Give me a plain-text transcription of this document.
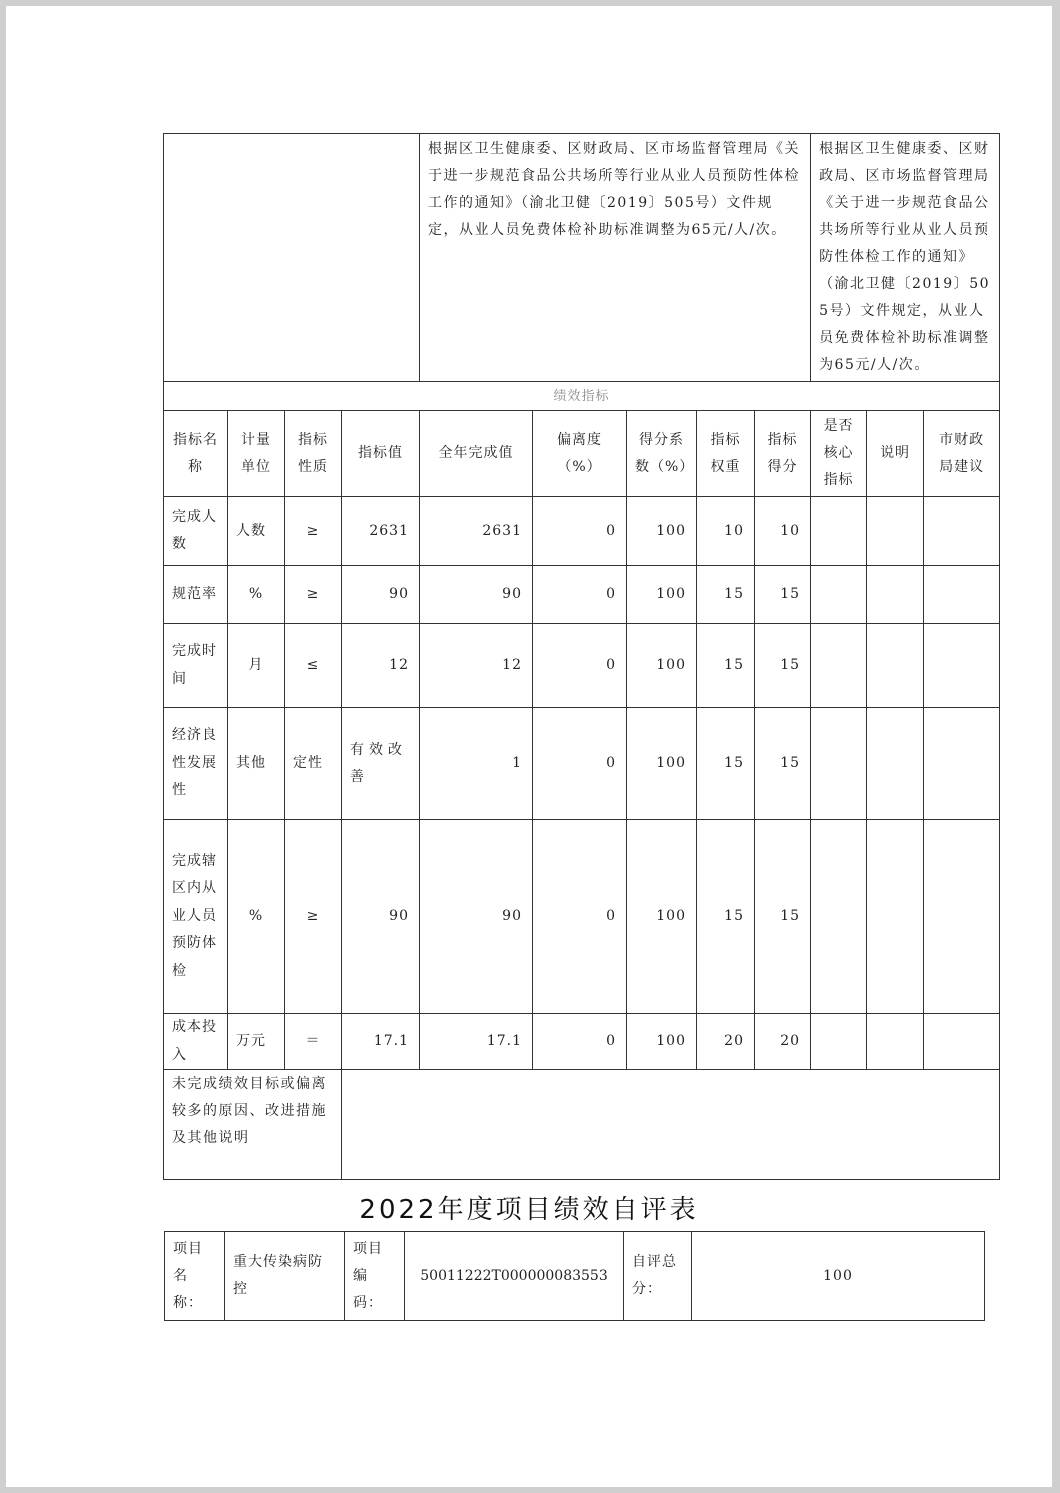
				根据区卫生健康委、区财政局、区市场监督管理局《关于进一步规范食品公共场所等行业从业人员预防性体检工作的通知》（渝北卫健〔2019〕505号）文件规定，从业人员免费体检补助标准调整为65元/人/次。					根据区卫生健康委、区财政局、区市场监督管理局《关于进一步规范食品公共场所等行业从业人员预防性体检工作的通知》（渝北卫健〔2019〕505号）文件规定，从业人员免费体检补助标准调整为65元/人/次。		
绩效指标											
指标名称	计量单位	指标性质	指标值	全年完成值	偏离度（%）	得分系数（%）	指标权重	指标得分	是否核心指标	说明	市财政局建议
完成人数	人数	≥	2631	2631	0	100	10	10			
规范率	%	≥	90	90	0	100	15	15			
完成时间	月	≤	12	12	0	100	15	15			
经济良性发展性	其他	定性	有效改善	1	0	100	15	15			
完成辖区内从业人员预防体检	%	≥	90	90	0	100	15	15			
成本投入	万元	＝	17.1	17.1	0	100	20	20			
未完成绩效目标或偏离较多的原因、改进措施及其他说明											
2022年度项目绩效自评表
项目名称：	重大传染病防控	项目编码：	50011222T000000083553	自评总分：	100
